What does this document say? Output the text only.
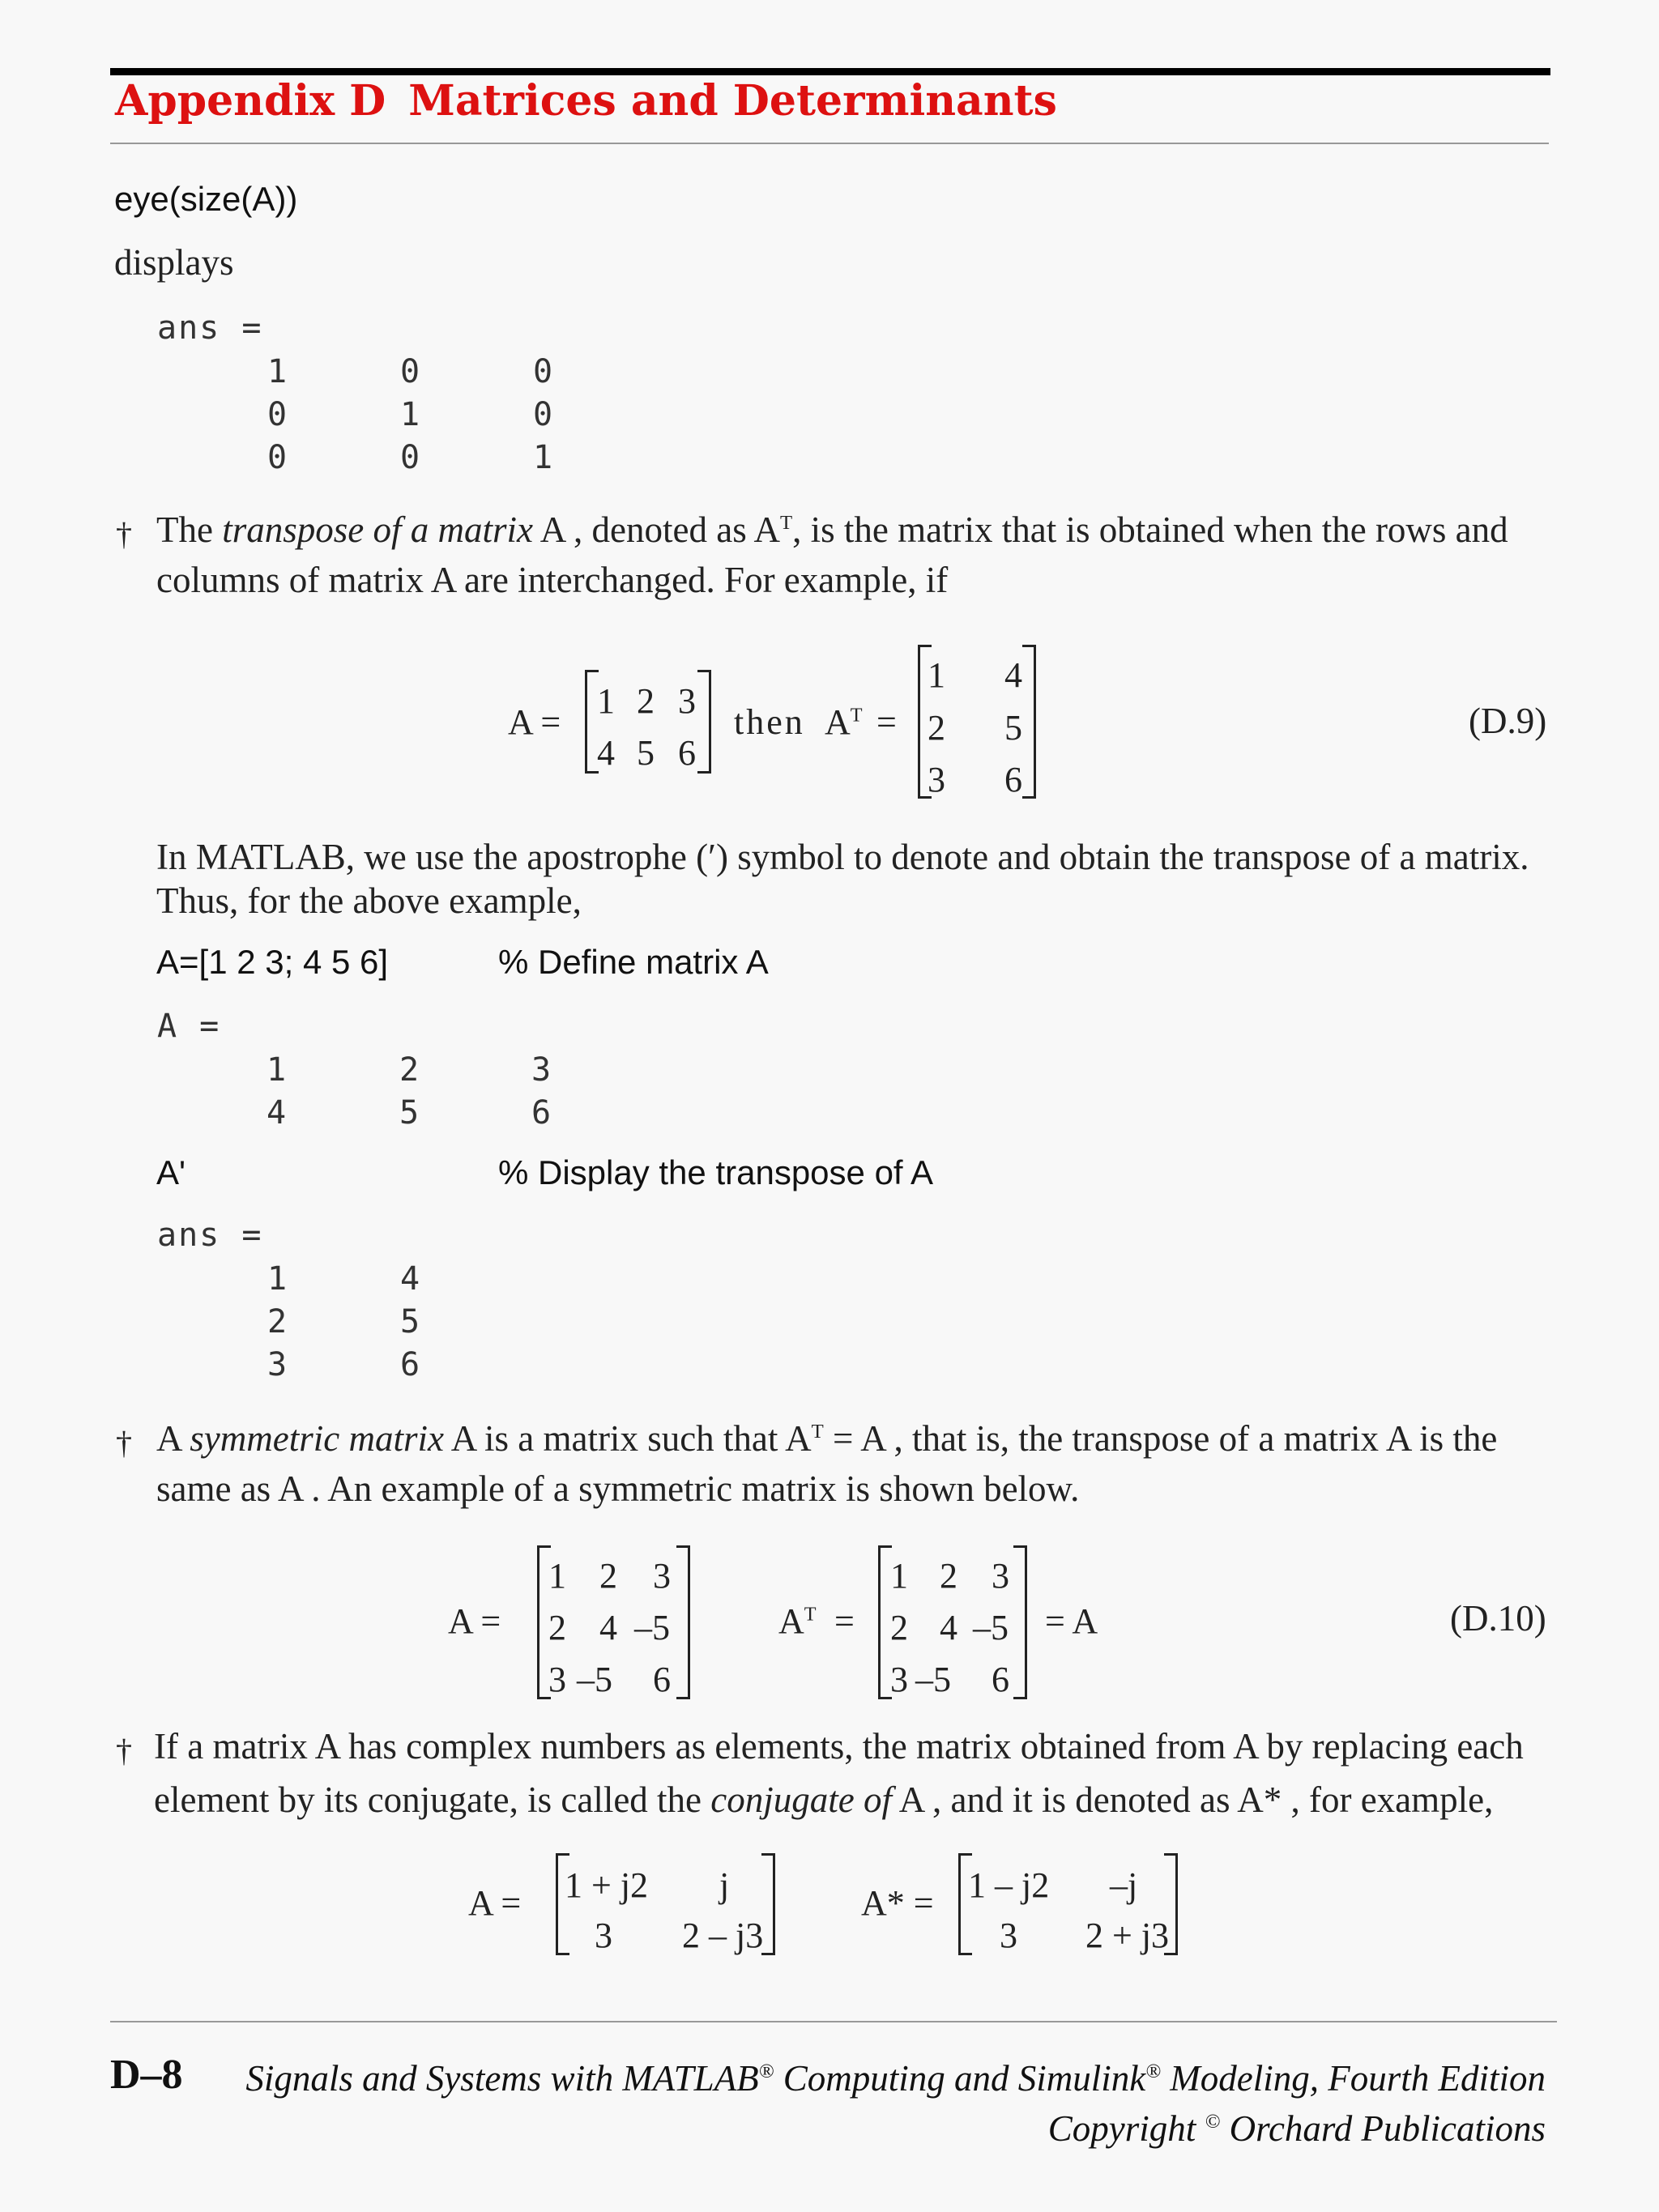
Appendix D Matrices and Determinants
eye(size(A))
displays
ans =
1	0	0
0	1	0
0	0	1
† The transpose of a matrix A , denoted as $A^T$, is the matrix that is obtained when the rows and
columns of matrix A are interchanged. For example, if
A =
1 2 3
4 5 6
then $A^T$ =
1 4
2 5
3 6
(D.9)
In MATLAB, we use the apostrophe (′) symbol to denote and obtain the transpose of a matrix.
Thus, for the above example,
A=[1 2 3; 4 5 6]	% Define matrix A
A =
1	2	3
4	5	6
A'	% Display the transpose of A
ans =
1	4
2	5
3	6
† A symmetric matrix A is a matrix such that $A^T = A$ , that is, the transpose of a matrix A is the
same as A . An example of a symmetric matrix is shown below.
A =
1 2 3
2 4 –5
3 –5 6
$A^T$ =
1 2 3
2 4 –5
3 –5 6
= A	(D.10)
† If a matrix A has complex numbers as elements, the matrix obtained from A by replacing each
element by its conjugate, is called the conjugate of A , and it is denoted as A* , for example,
A = 1 + j2 j
3 2 – j3
A* = 1 – j2 –j
3 2 + j3
D–8 Signals and Systems with MATLAB® Computing and Simulink® Modeling, Fourth Edition
Copyright © Orchard Publications
